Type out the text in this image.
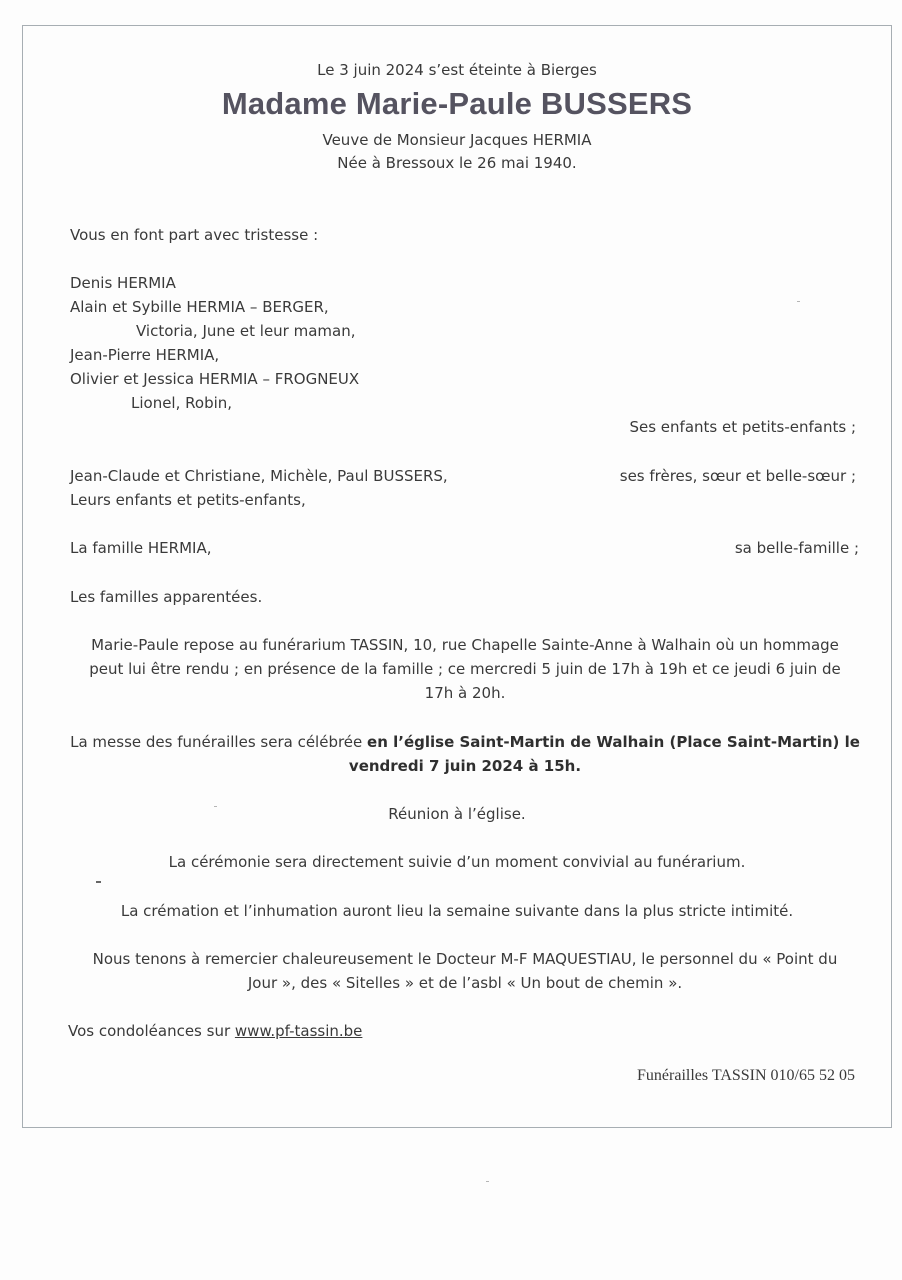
Le 3 juin 2024 s’est éteinte à Bierges
Madame Marie-Paule BUSSERS
Veuve de Monsieur Jacques HERMIA
Née à Bressoux le 26 mai 1940.
Vous en font part avec tristesse :
Denis HERMIA
Alain et Sybille HERMIA – BERGER,
Victoria, June et leur maman,
Jean-Pierre HERMIA,
Olivier et Jessica HERMIA – FROGNEUX
Lionel, Robin,
Ses enfants et petits-enfants ;
Jean-Claude et Christiane, Michèle, Paul BUSSERS,	ses frères, sœur et belle-sœur ;
Leurs enfants et petits-enfants,
La famille HERMIA,	sa belle-famille ;
Les familles apparentées.
Marie-Paule repose au funérarium TASSIN, 10, rue Chapelle Sainte-Anne à Walhain où un hommage
peut lui être rendu ; en présence de la famille ; ce mercredi 5 juin de 17h à 19h et ce jeudi 6 juin de
17h à 20h.
La messe des funérailles sera célébrée en l’église Saint-Martin de Walhain (Place Saint-Martin) le
vendredi 7 juin 2024 à 15h.
Réunion à l’église.
La cérémonie sera directement suivie d’un moment convivial au funérarium.
La crémation et l’inhumation auront lieu la semaine suivante dans la plus stricte intimité.
Nous tenons à remercier chaleureusement le Docteur M-F MAQUESTIAU, le personnel du « Point du
Jour », des « Sitelles » et de l’asbl « Un bout de chemin ».
Vos condoléances sur www.pf-tassin.be
Funérailles TASSIN 010/65 52 05
